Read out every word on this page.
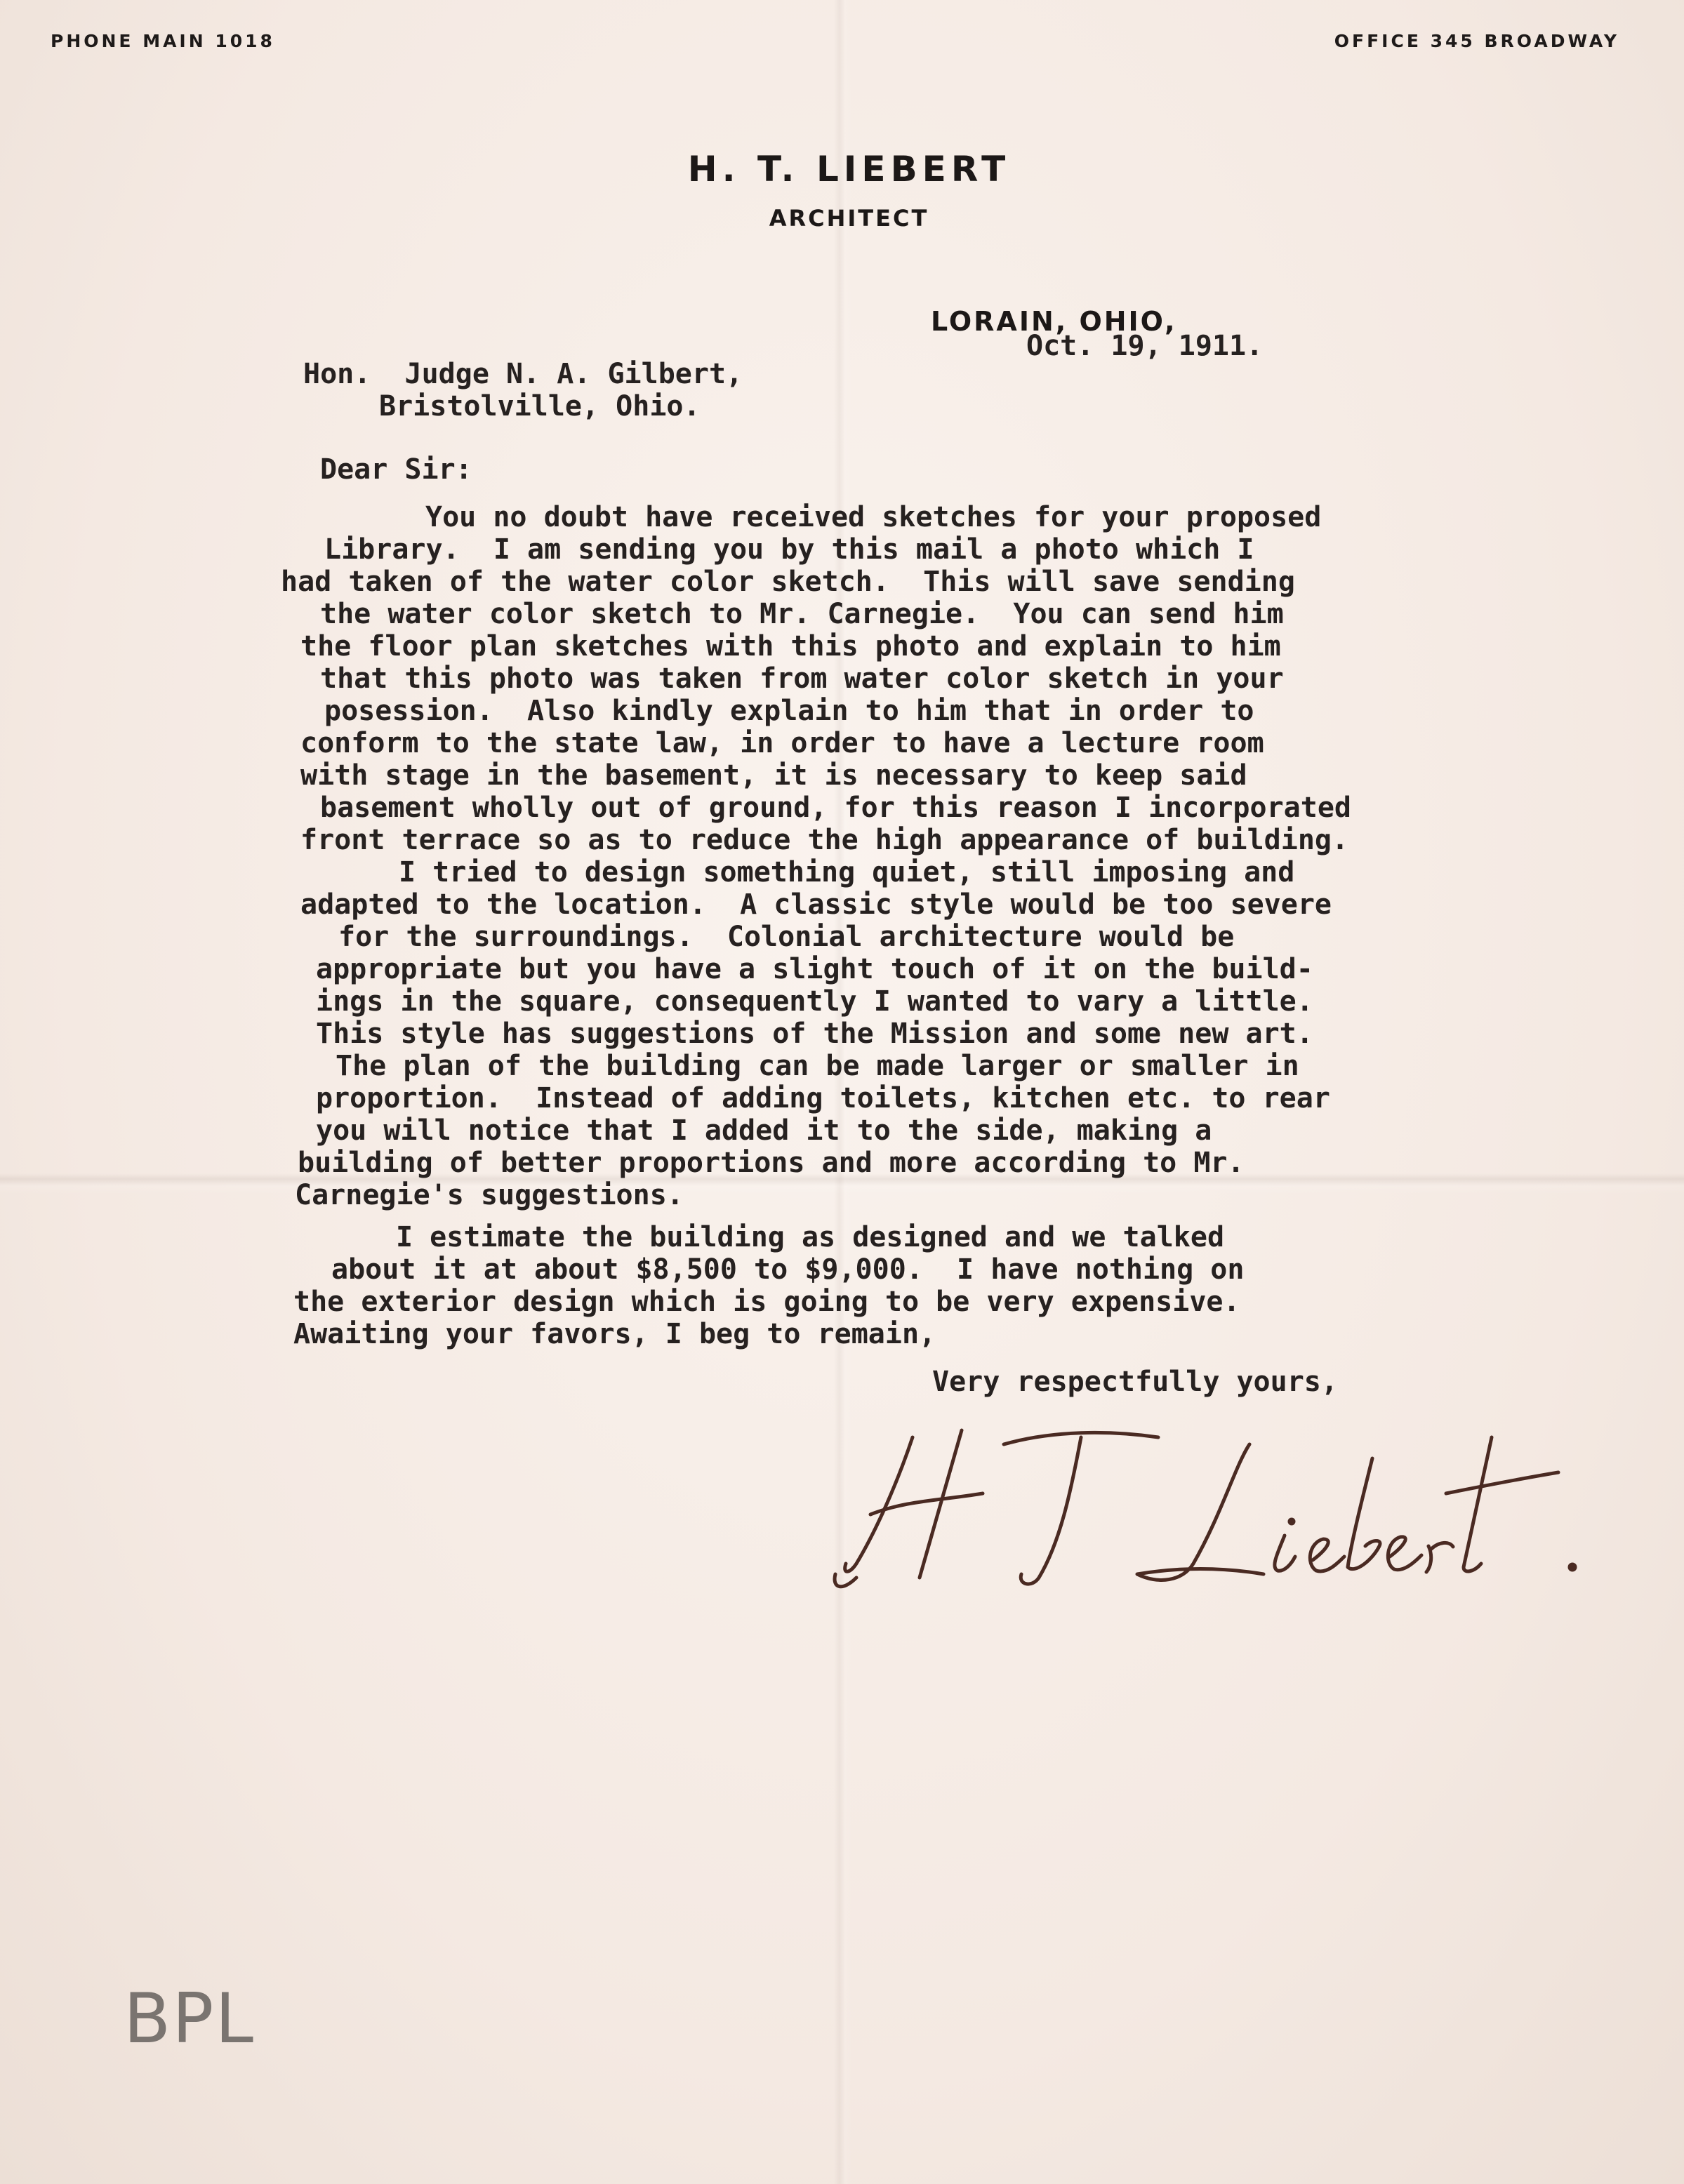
PHONE MAIN 1018	OFFICE 345 BROADWAY
H. T. LIEBERT
ARCHITECT
LORAIN, OHIO,
Oct. 19, 1911.
Hon.  Judge N. A. Gilbert,
Bristolville, Ohio.
Dear Sir:
You no doubt have received sketches for your proposed
Library.  I am sending you by this mail a photo which I
had taken of the water color sketch.  This will save sending
the water color sketch to Mr. Carnegie.  You can send him
the floor plan sketches with this photo and explain to him
that this photo was taken from water color sketch in your
posession.  Also kindly explain to him that in order to
conform to the state law, in order to have a lecture room
with stage in the basement, it is necessary to keep said
basement wholly out of ground, for this reason I incorporated
front terrace so as to reduce the high appearance of building.
I tried to design something quiet, still imposing and
adapted to the location.  A classic style would be too severe
for the surroundings.  Colonial architecture would be
appropriate but you have a slight touch of it on the build-
ings in the square, consequently I wanted to vary a little.
This style has suggestions of the Mission and some new art.
The plan of the building can be made larger or smaller in
proportion.  Instead of adding toilets, kitchen etc. to rear
you will notice that I added it to the side, making a
building of better proportions and more according to Mr.
Carnegie's suggestions.
I estimate the building as designed and we talked
about it at about $8,500 to $9,000.  I have nothing on
the exterior design which is going to be very expensive.
Awaiting your favors, I beg to remain,
Very respectfully yours,
BPL
